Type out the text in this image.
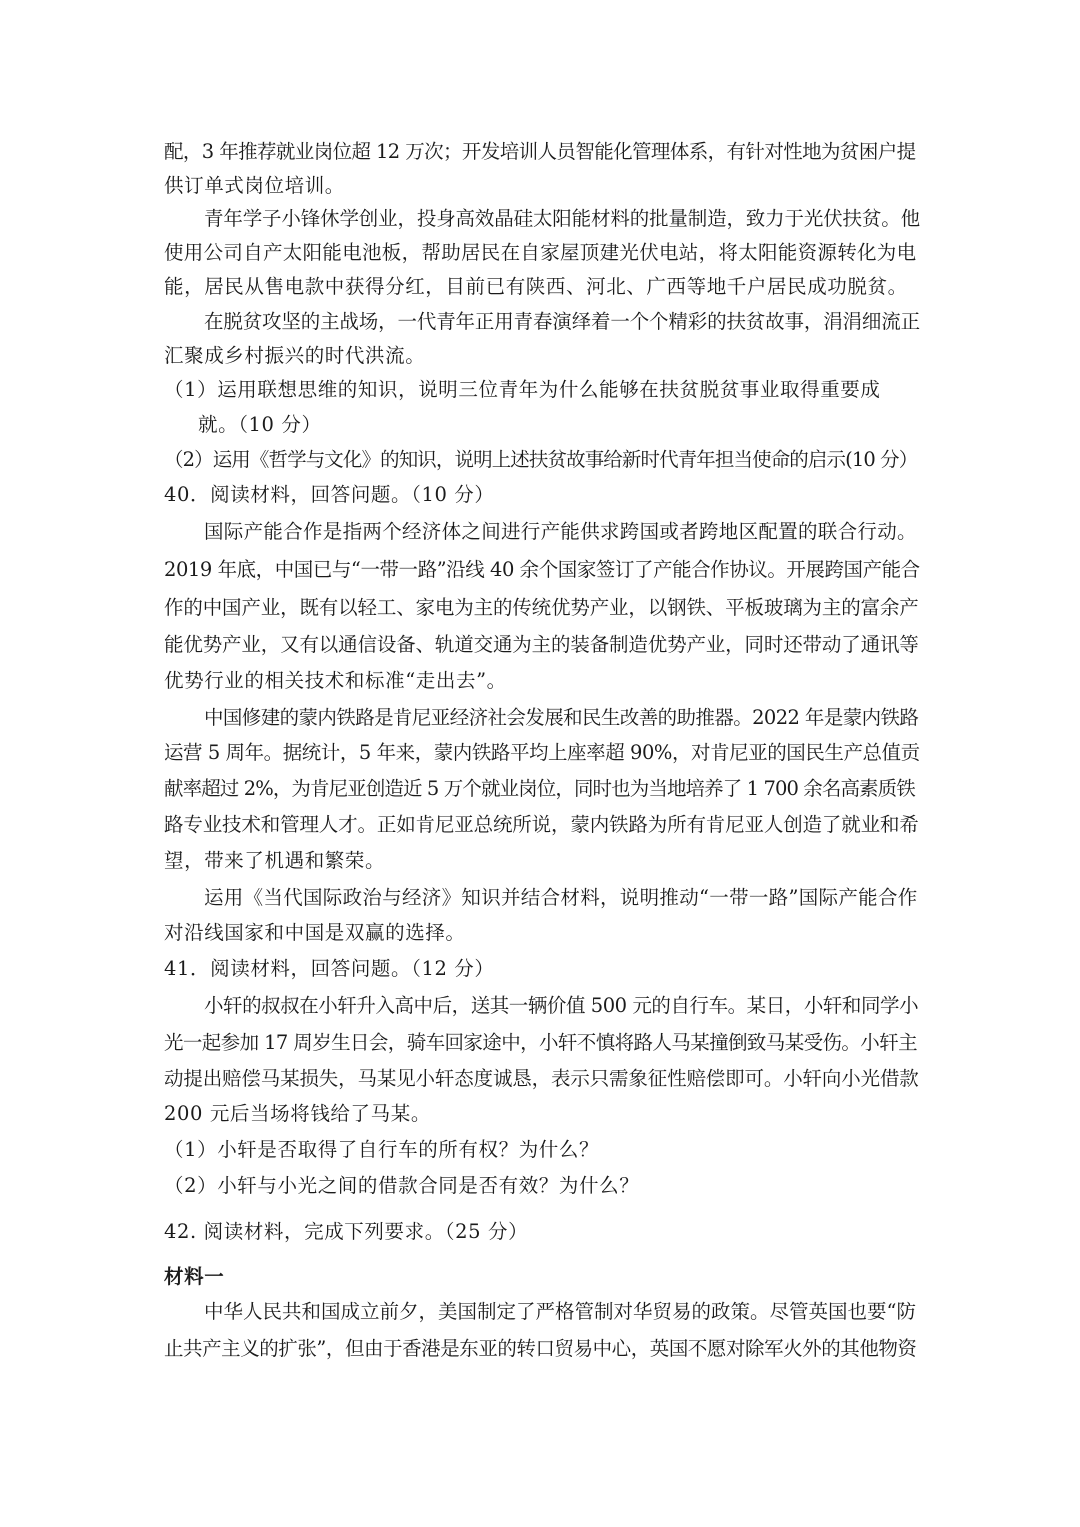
配，3 年推荐就业岗位超 12 万次；开发培训人员智能化管理体系，有针对性地为贫困户提
供订单式岗位培训。
青年学子小锋休学创业，投身高效晶硅太阳能材料的批量制造，致力于光伏扶贫。他
使用公司自产太阳能电池板，帮助居民在自家屋顶建光伏电站，将太阳能资源转化为电
能，居民从售电款中获得分红，目前已有陕西、河北、广西等地千户居民成功脱贫。
在脱贫攻坚的主战场，一代青年正用青春演绎着一个个精彩的扶贫故事，涓涓细流正
汇聚成乡村振兴的时代洪流。
（1）运用联想思维的知识，说明三位青年为什么能够在扶贫脱贫事业取得重要成
就。（10 分）
（2）运用《哲学与文化》的知识，说明上述扶贫故事给新时代青年担当使命的启示(10 分）
40．阅读材料，回答问题。（10 分）
国际产能合作是指两个经济体之间进行产能供求跨国或者跨地区配置的联合行动。
2019 年底，中国已与“一带一路”沿线 40 余个国家签订了产能合作协议。开展跨国产能合
作的中国产业，既有以轻工、家电为主的传统优势产业，以钢铁、平板玻璃为主的富余产
能优势产业，又有以通信设备、轨道交通为主的装备制造优势产业，同时还带动了通讯等
优势行业的相关技术和标准“走出去”。
中国修建的蒙内铁路是肯尼亚经济社会发展和民生改善的助推器。2022 年是蒙内铁路
运营 5 周年。据统计，5 年来，蒙内铁路平均上座率超 90%，对肯尼亚的国民生产总值贡
献率超过 2%，为肯尼亚创造近 5 万个就业岗位，同时也为当地培养了 1 700 余名高素质铁
路专业技术和管理人才。正如肯尼亚总统所说，蒙内铁路为所有肯尼亚人创造了就业和希
望，带来了机遇和繁荣。
运用《当代国际政治与经济》知识并结合材料，说明推动“一带一路”国际产能合作
对沿线国家和中国是双赢的选择。
41．阅读材料，回答问题。（12 分）
小轩的叔叔在小轩升入高中后，送其一辆价值 500 元的自行车。某日，小轩和同学小
光一起参加 17 周岁生日会，骑车回家途中，小轩不慎将路人马某撞倒致马某受伤。小轩主
动提出赔偿马某损失，马某见小轩态度诚恳，表示只需象征性赔偿即可。小轩向小光借款
200 元后当场将钱给了马某。
（1）小轩是否取得了自行车的所有权？为什么？
（2）小轩与小光之间的借款合同是否有效？为什么？
42. 阅读材料，完成下列要求。（25 分）
材料一
中华人民共和国成立前夕，美国制定了严格管制对华贸易的政策。尽管英国也要“防
止共产主义的扩张”，但由于香港是东亚的转口贸易中心，英国不愿对除军火外的其他物资
